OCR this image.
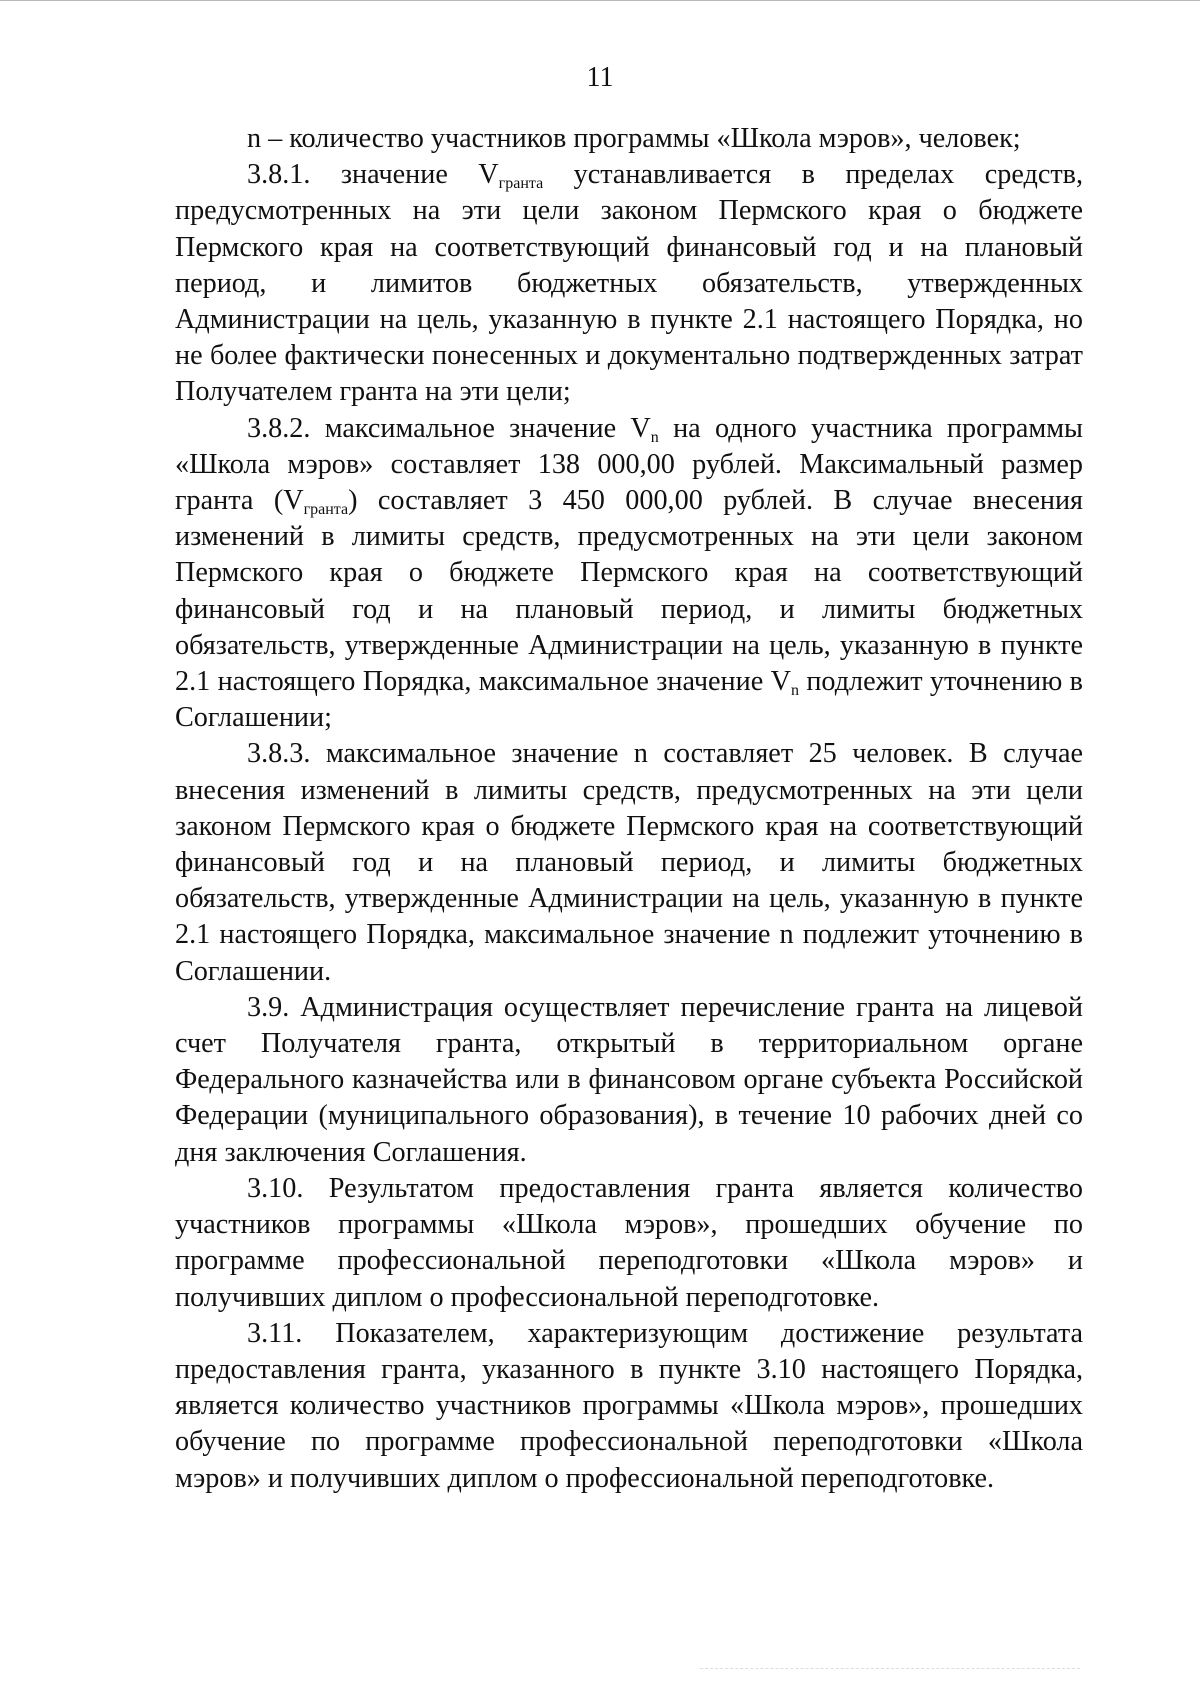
11

n – количество участников программы «Школа мэров», человек;

3.8.1. значение $V_{гранта}$ устанавливается в пределах средств, предусмотренных на эти цели законом Пермского края о бюджете Пермского края на соответствующий финансовый год и на плановый период, и лимитов бюджетных обязательств, утвержденных Администрации на цель, указанную в пункте 2.1 настоящего Порядка, но не более фактически понесенных и документально подтвержденных затрат Получателем гранта на эти цели;

3.8.2. максимальное значение $V_n$ на одного участника программы «Школа мэров» составляет 138 000,00 рублей. Максимальный размер гранта $(V_{гранта})$ составляет 3 450 000,00 рублей. В случае внесения изменений в лимиты средств, предусмотренных на эти цели законом Пермского края о бюджете Пермского края на соответствующий финансовый год и на плановый период, и лимиты бюджетных обязательств, утвержденные Администрации на цель, указанную в пункте 2.1 настоящего Порядка, максимальное значение $V_n$ подлежит уточнению в Соглашении;

3.8.3. максимальное значение n составляет 25 человек. В случае внесения изменений в лимиты средств, предусмотренных на эти цели законом Пермского края о бюджете Пермского края на соответствующий финансовый год и на плановый период, и лимиты бюджетных обязательств, утвержденные Администрации на цель, указанную в пункте 2.1 настоящего Порядка, максимальное значение n подлежит уточнению в Соглашении.

3.9. Администрация осуществляет перечисление гранта на лицевой счет Получателя гранта, открытый в территориальном органе Федерального казначейства или в финансовом органе субъекта Российской Федерации (муниципального образования), в течение 10 рабочих дней со дня заключения Соглашения.

3.10. Результатом предоставления гранта является количество участников программы «Школа мэров», прошедших обучение по программе профессиональной переподготовки «Школа мэров» и получивших диплом о профессиональной переподготовке.

3.11. Показателем, характеризующим достижение результата предоставления гранта, указанного в пункте 3.10 настоящего Порядка, является количество участников программы «Школа мэров», прошедших обучение по программе профессиональной переподготовки «Школа мэров» и получивших диплом о профессиональной переподготовке.
